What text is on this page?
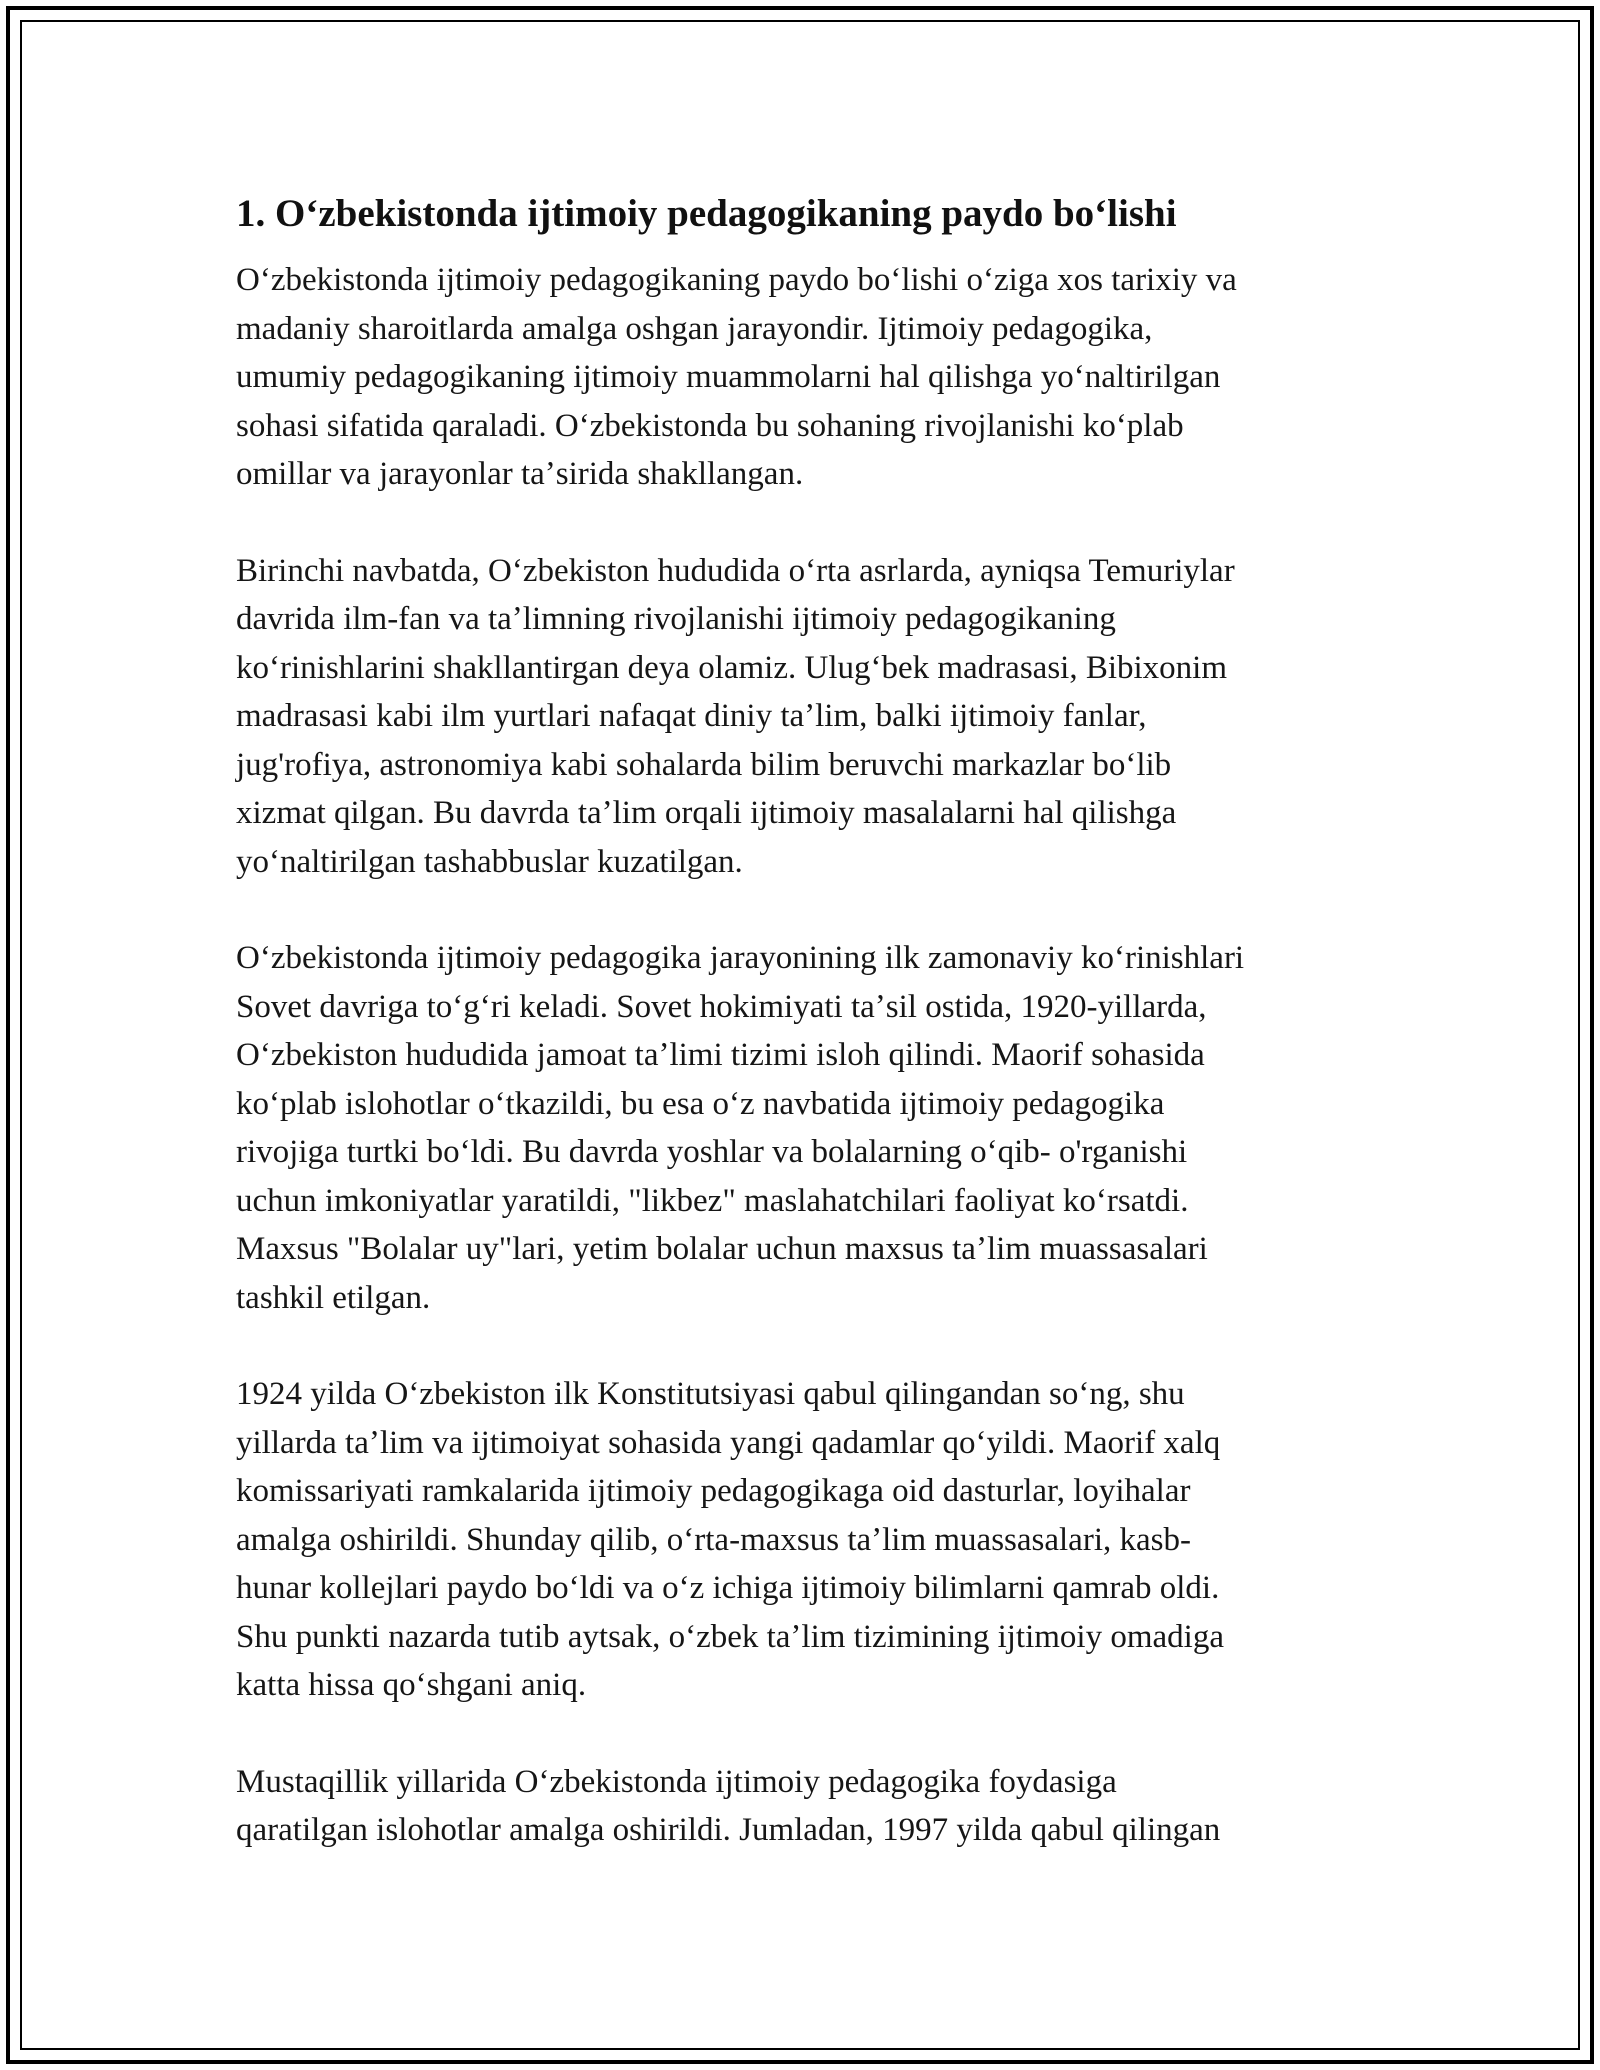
1. Oʻzbekistonda ijtimoiy pedagogikaning paydo boʻlishi
Oʻzbekistonda ijtimoiy pedagogikaning paydo boʻlishi oʻziga xos tarixiy va
madaniy sharoitlarda amalga oshgan jarayondir. Ijtimoiy pedagogika,
umumiy pedagogikaning ijtimoiy muammolarni hal qilishga yoʻnaltirilgan
sohasi sifatida qaraladi. Oʻzbekistonda bu sohaning rivojlanishi koʻplab
omillar va jarayonlar taʼsirida shakllangan.
Birinchi navbatda, Oʻzbekiston hududida oʻrta asrlarda, ayniqsa Temuriylar
davrida ilm-fan va taʼlimning rivojlanishi ijtimoiy pedagogikaning
koʻrinishlarini shakllantirgan deya olamiz. Ulugʻbek madrasasi, Bibixonim
madrasasi kabi ilm yurtlari nafaqat diniy taʼlim, balki ijtimoiy fanlar,
jug'rofiya, astronomiya kabi sohalarda bilim beruvchi markazlar boʻlib
xizmat qilgan. Bu davrda taʼlim orqali ijtimoiy masalalarni hal qilishga
yoʻnaltirilgan tashabbuslar kuzatilgan.
Oʻzbekistonda ijtimoiy pedagogika jarayonining ilk zamonaviy koʻrinishlari
Sovet davriga toʻgʻri keladi. Sovet hokimiyati taʼsil ostida, 1920-yillarda,
Oʻzbekiston hududida jamoat taʼlimi tizimi isloh qilindi. Maorif sohasida
koʻplab islohotlar oʻtkazildi, bu esa oʻz navbatida ijtimoiy pedagogika
rivojiga turtki boʻldi. Bu davrda yoshlar va bolalarning oʻqib- o'rganishi
uchun imkoniyatlar yaratildi, "likbez" maslahatchilari faoliyat koʻrsatdi.
Maxsus "Bolalar uy"lari, yetim bolalar uchun maxsus taʼlim muassasalari
tashkil etilgan.
1924 yilda Oʻzbekiston ilk Konstitutsiyasi qabul qilingandan soʻng, shu
yillarda taʼlim va ijtimoiyat sohasida yangi qadamlar qoʻyildi. Maorif xalq
komissariyati ramkalarida ijtimoiy pedagogikaga oid dasturlar, loyihalar
amalga oshirildi. Shunday qilib, oʻrta-maxsus taʼlim muassasalari, kasb-
hunar kollejlari paydo boʻldi va oʻz ichiga ijtimoiy bilimlarni qamrab oldi.
Shu punkti nazarda tutib aytsak, oʻzbek taʼlim tizimining ijtimoiy omadiga
katta hissa qoʻshgani aniq.
Mustaqillik yillarida Oʻzbekistonda ijtimoiy pedagogika foydasiga
qaratilgan islohotlar amalga oshirildi. Jumladan, 1997 yilda qabul qilingan
